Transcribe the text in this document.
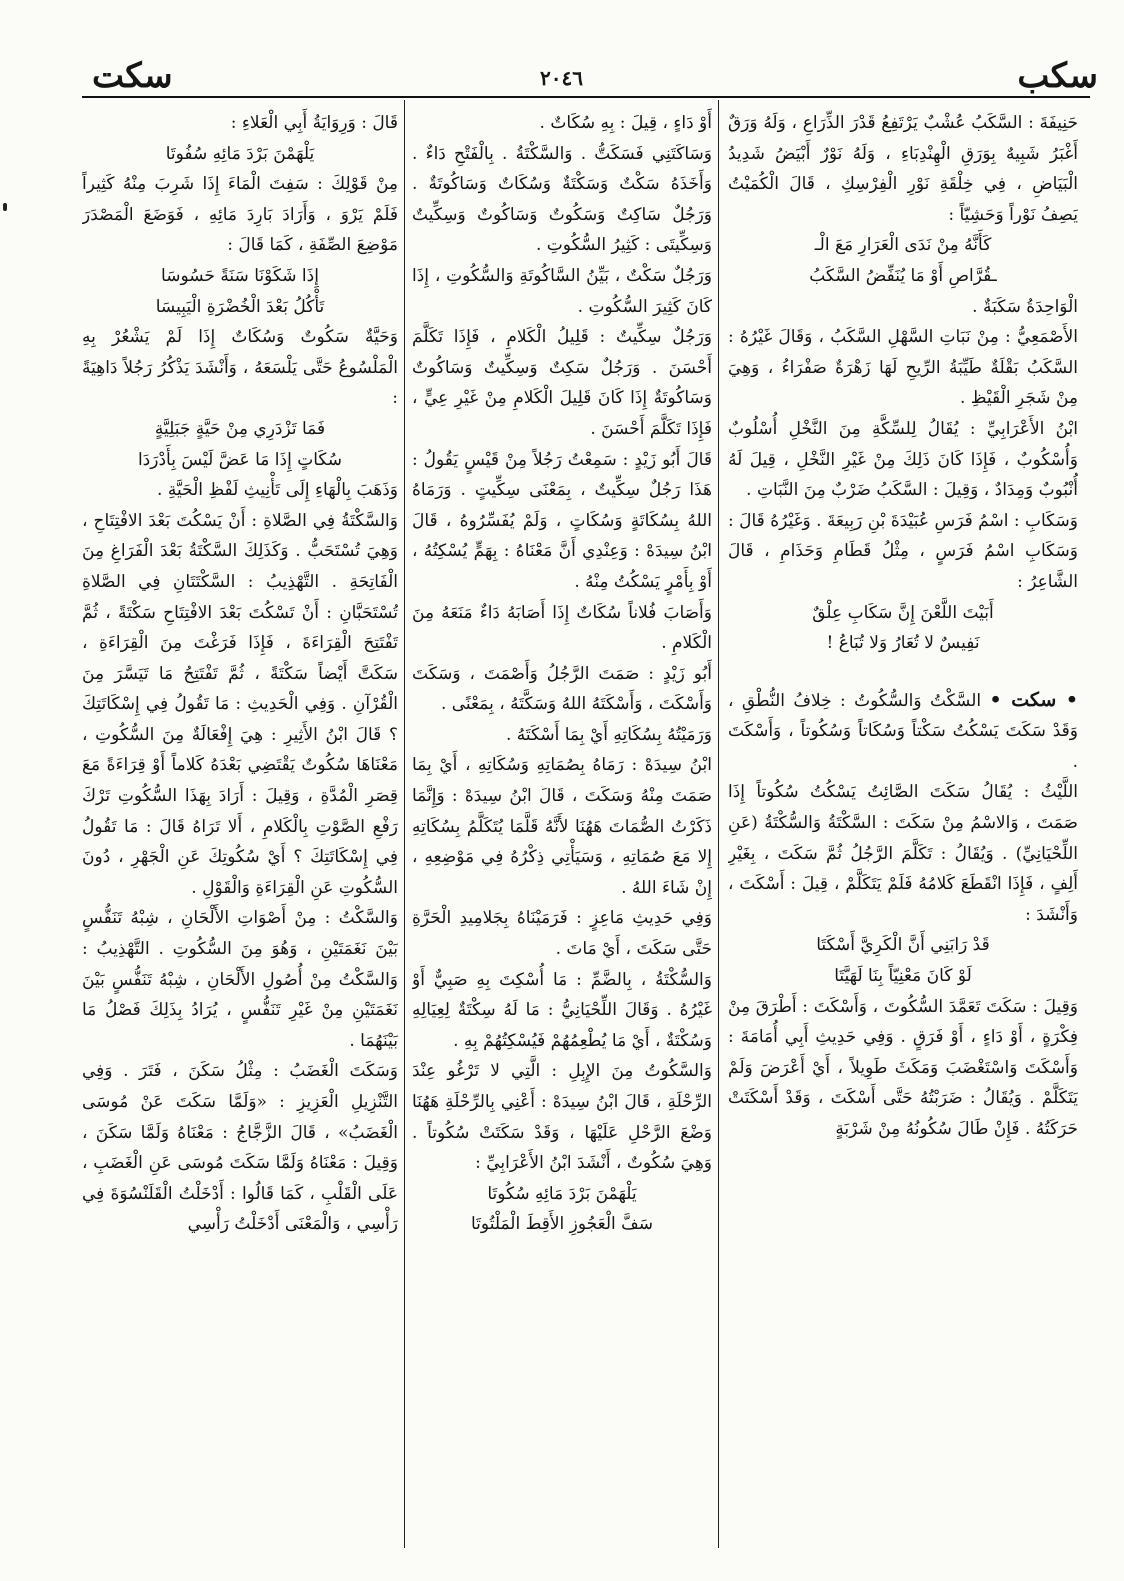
سكب
٢٠٤٦
سكت

حَنِيفَةَ : السَّكَبُ عُشْبٌ يَرْتَفِعُ قَدْرَ الذِّرَاعِ ، وَلَهُ وَرَقٌ أَغْبَرُ شَبِيهٌ بِوَرَقِ الْهِنْدِبَاءِ ، وَلَهُ نَوْرٌ أَبْيَضُ شَدِيدُ الْبَيَاضِ ، فِي خِلْقَةِ نَوْرِ الْفِرْسِكِ ، قَالَ الْكُمَيْتُ يَصِفُ نَوْراً وَحَشِيّاً :

كَأَنَّهُ مِنْ نَدَى الْعَرَارِ مَعَ الْـ
ـقُرَّاصِ أَوْ مَا يُنَفِّضُ السَّكَبُ

الْوَاحِدَةُ سَكَبَةٌ .

الأَصْمَعِيُّ : مِنْ نَبَاتِ السَّهْلِ السَّكَبُ ، وَقَالَ غَيْرُهُ : السَّكَبُ بَقْلَةٌ طَيِّبَةُ الرِّيحِ لَهَا زَهْرَةٌ صَفْرَاءُ ، وَهِيَ مِنْ شَجَرِ الْقَيْظِ .

ابْنُ الأَعْرَابِيِّ : يُقَالُ لِلسِّكَّةِ مِنَ النَّخْلِ أُسْلُوبٌ وَأُسْكُوبٌ ، فَإِذَا كَانَ ذَلِكَ مِنْ غَيْرِ النَّخْلِ ، قِيلَ لَهُ أُنْبُوبٌ وَمِدَادٌ ، وَقِيلَ : السَّكَبُ ضَرْبٌ مِنَ النَّبَاتِ .

وَسَكَابِ : اسْمُ فَرَسِ عُبَيْدَةَ بْنِ رَبِيعَةَ . وَغَيْرُهُ قَالَ : وَسَكَابِ اسْمُ فَرَسٍ ، مِثْلُ قَطَامِ وَحَذَامِ ، قَالَ الشَّاعِرُ :

أَبَيْتَ اللَّعْنَ إِنَّ سَكَابِ عِلْقٌ
نَفِيسٌ لا تُعَارُ وَلا تُبَاعُ !

• سكت • السَّكْتُ وَالسُّكُوتُ : خِلافُ النُّطْقِ ، وَقَدْ سَكَتَ يَسْكُتُ سَكْتاً وَسُكَاتاً وَسُكُوتاً ، وَأَسْكَتَ .

اللَّيْثُ : يُقَالُ سَكَتَ الصَّائِتُ يَسْكُتُ سُكُوتاً إِذَا صَمَتَ ، وَالاسْمُ مِنْ سَكَتَ : السَّكْتَةُ وَالسُّكْتَةُ (عَنِ اللِّحْيَانِيِّ) . وَيُقَالُ : تَكَلَّمَ الرَّجُلُ ثُمَّ سَكَتَ ، بِغَيْرِ أَلِفٍ ، فَإِذَا انْقَطَعَ كَلامُهُ فَلَمْ يَتَكَلَّمْ ، قِيلَ : أَسْكَتَ ، وَأَنْشَدَ :

قَدْ رَابَنِي أَنَّ الْكَرِيَّ أَسْكَتَا
لَوْ كَانَ مَعْنِيّاً بِنَا لَهَيَّتَا

وَقِيلَ : سَكَتَ تَعَمَّدَ السُّكُوتَ ، وَأَسْكَتَ : أَطْرَقَ مِنْ فِكْرَةٍ ، أَوْ دَاءٍ ، أَوْ فَرَقٍ . وَفِي حَدِيثِ أَبِي أُمَامَةَ : وَأَسْكَتَ وَاسْتَغْضَبَ وَمَكَثَ طَوِيلاً ، أَيْ أَعْرَضَ وَلَمْ يَتَكَلَّمْ . وَيُقَالُ : ضَرَبْتُهُ حَتَّى أَسْكَتَ ، وَقَدْ أَسْكَتَتْ حَرَكَتُهُ . فَإِنْ طَالَ سُكُونُهُ مِنْ شَرْبَةٍ

أَوْ دَاءٍ ، قِيلَ : بِهِ سُكَاتٌ .

وَسَاكَتَنِي فَسَكَتُّ . وَالسَّكْتَةُ . بِالْفَتْحِ دَاءٌ . وَأَخَذَهُ سَكْتٌ وَسَكْتَةٌ وَسُكَاتٌ وَسَاكُوتَةٌ . وَرَجُلٌ سَاكِتٌ وَسَكُوتٌ وَسَاكُوتٌ وَسِكِّيتٌ وَسِكِّيتَى : كَثِيرُ السُّكُوتِ .

وَرَجُلٌ سَكْتٌ ، بَيِّنُ السَّاكُوتَةِ وَالسُّكُوتِ ، إِذَا كَانَ كَثِيرَ السُّكُوتِ .

وَرَجُلٌ سِكِّيتٌ : قَلِيلُ الْكَلامِ ، فَإِذَا تَكَلَّمَ أَحْسَنَ . وَرَجُلٌ سَكِتٌ وَسِكِّيتٌ وَسَاكُوتٌ وَسَاكُوتَةٌ إِذَا كَانَ قَلِيلَ الْكَلامِ مِنْ غَيْرِ عِيٍّ ، فَإِذَا تَكَلَّمَ أَحْسَنَ .

قَالَ أَبُو زَيْدٍ : سَمِعْتُ رَجُلاً مِنْ قَيْسٍ يَقُولُ : هَذَا رَجُلٌ سِكِّيتٌ ، بِمَعْنَى سِكِّيتٍ . وَرَمَاهُ اللهُ بِسُكَاتَةٍ وَسُكَاتٍ ، وَلَمْ يُفَسِّرُوهُ ، قَالَ ابْنُ سِيدَهْ : وَعِنْدِي أَنَّ مَعْنَاهُ : بِهَمٍّ يُسْكِتُهُ ، أَوْ بِأَمْرٍ يَسْكُتُ مِنْهُ .

وَأَصَابَ فُلاناً سُكَاتٌ إِذَا أَصَابَهُ دَاءٌ مَنَعَهُ مِنَ الْكَلامِ .

أَبُو زَيْدٍ : صَمَتَ الرَّجُلُ وَأَصْمَتَ ، وَسَكَتَ وَأَسْكَتَ ، وَأَسْكَتَهُ اللهُ وَسَكَّتَهُ ، بِمَعْنًى .

وَرَمَيْتُهُ بِسُكَاتِهِ أَيْ بِمَا أَسْكَتَهُ .

ابْنُ سِيدَهْ : رَمَاهُ بِصُمَاتِهِ وَسُكَاتِهِ ، أَيْ بِمَا صَمَتَ مِنْهُ وَسَكَتَ ، قَالَ ابْنُ سِيدَهْ : وَإِنَّمَا ذَكَرْتُ الصُّمَاتَ هَهُنَا لأَنَّهُ قَلَّمَا يُتَكَلَّمُ بِسُكَاتِهِ إِلا مَعَ صُمَاتِهِ ، وَسَيَأْتِي ذِكْرُهُ فِي مَوْضِعِهِ ، إِنْ شَاءَ اللهُ .

وَفِي حَدِيثِ مَاعِزٍ : فَرَمَيْنَاهُ بِجَلامِيدِ الْحَرَّةِ حَتَّى سَكَتَ ، أَيْ مَاتَ .

وَالسُّكْتَةُ ، بِالضَّمِّ : مَا أُسْكِتَ بِهِ صَبِيٌّ أَوْ غَيْرُهُ . وَقَالَ اللِّحْيَانِيُّ : مَا لَهُ سِكْتَةٌ لِعِيَالِهِ وَسُكْتَةٌ ، أَيْ مَا يُطْعِمُهُمْ فَيُسْكِتُهُمْ بِهِ .

وَالسَّكُوتُ مِنَ الإِبِلِ : الَّتِي لا تَرْغُو عِنْدَ الرِّحْلَةِ ، قَالَ ابْنُ سِيدَهْ : أَعْنِي بِالرِّحْلَةِ هَهُنَا وَضْعَ الرَّحْلِ عَلَيْهَا ، وَقَدْ سَكَتَتْ سُكُوتاً . وَهِيَ سُكُوتٌ ، أَنْشَدَ ابْنُ الأَعْرَابِيِّ :

يَلْهَمْنَ بَرْدَ مَائِهِ سُكُوتَا
سَفَّ الْعَجُوزِ الأَقِطَ الْمَلْتُوتَا

قَالَ : وَرِوَايَةُ أَبِي الْعَلاءِ :

يَلْهَمْنَ بَرْدَ مَائِهِ سُفُوتَا

مِنْ قَوْلِكَ : سَفِتَ الْمَاءَ إِذَا شَرِبَ مِنْهُ كَثِيراً فَلَمْ يَرْوَ ، وَأَرَادَ بَارِدَ مَائِهِ ، فَوَضَعَ الْمَصْدَرَ مَوْضِعَ الصِّفَةِ ، كَمَا قَالَ :

إِذَا شَكَوْنَا سَنَةً حَسُوسَا
تَأْكُلُ بَعْدَ الْخُضْرَةِ الْيَبِيسَا

وَحَيَّةٌ سَكُوتٌ وَسُكَاتٌ إِذَا لَمْ يَشْعُرْ بِهِ الْمَلْسُوعُ حَتَّى يَلْسَعَهُ ، وَأَنْشَدَ يَذْكُرُ رَجُلاً دَاهِيَةً :

فَمَا تَزْدَرِي مِنْ حَيَّةٍ جَبَلِيَّةٍ
سُكَاتٍ إِذَا مَا عَضَّ لَيْسَ بِأَدْرَدَا

وَذَهَبَ بِالْهَاءِ إِلَى تَأْنِيثِ لَفْظِ الْحَيَّةِ .

وَالسَّكْتَةُ فِي الصَّلاةِ : أَنْ يَسْكُتَ بَعْدَ الافْتِتَاحِ ، وَهِيَ تُسْتَحَبُّ . وَكَذَلِكَ السَّكْتَةُ بَعْدَ الْفَرَاغِ مِنَ الْفَاتِحَةِ . التَّهْذِيبُ : السَّكْتَتَانِ فِي الصَّلاةِ تُسْتَحَبَّانِ : أَنْ تَسْكُتَ بَعْدَ الافْتِتَاحِ سَكْتَةً ، ثُمَّ تَفْتَتِحَ الْقِرَاءَةَ ، فَإِذَا فَرَغْتَ مِنَ الْقِرَاءَةِ ، سَكَتَّ أَيْضاً سَكْتَةً ، ثُمَّ تَفْتَتِحُ مَا تَيَسَّرَ مِنَ الْقُرْآنِ . وَفِي الْحَدِيثِ : مَا تَقُولُ فِي إِسْكَاتَتِكَ ؟ قَالَ ابْنُ الأَثِيرِ : هِيَ إِفْعَالَةٌ مِنَ السُّكُوتِ ، مَعْنَاهَا سُكُوتٌ يَقْتَضِي بَعْدَهُ كَلاماً أَوْ قِرَاءَةً مَعَ قِصَرِ الْمُدَّةِ ، وَقِيلَ : أَرَادَ بِهَذَا السُّكُوتِ تَرْكَ رَفْعِ الصَّوْتِ بِالْكَلامِ ، أَلا تَرَاهُ قَالَ : مَا تَقُولُ فِي إِسْكَاتَتِكَ ؟ أَيْ سُكُوتِكَ عَنِ الْجَهْرِ ، دُونَ السُّكُوتِ عَنِ الْقِرَاءَةِ وَالْقَوْلِ .

وَالسَّكْتُ : مِنْ أَصْوَاتِ الأَلْحَانِ ، شِبْهُ تَنَفُّسٍ بَيْنَ نَغَمَتَيْنِ ، وَهُوَ مِنَ السُّكُوتِ . التَّهْذِيبُ : وَالسَّكْتُ مِنْ أُصُولِ الأَلْحَانِ ، شِبْهُ تَنَفُّسٍ بَيْنَ نَغَمَتَيْنِ مِنْ غَيْرِ تَنَفُّسٍ ، يُرَادُ بِذَلِكَ فَصْلُ مَا بَيْنَهُمَا .

وَسَكَتَ الْغَضَبُ : مِثْلُ سَكَنَ ، فَتَرَ . وَفِي التَّنْزِيلِ الْعَزِيزِ : «وَلَمَّا سَكَتَ عَنْ مُوسَى الْغَضَبُ» ، قَالَ الزَّجَّاجُ : مَعْنَاهُ وَلَمَّا سَكَنَ ، وَقِيلَ : مَعْنَاهُ وَلَمَّا سَكَتَ مُوسَى عَنِ الْغَضَبِ ، عَلَى الْقَلْبِ ، كَمَا قَالُوا : أَدْخَلْتُ الْقَلَنْسُوَةَ فِي رَأْسِي ، وَالْمَعْنَى أَدْخَلْتُ رَأْسِي
